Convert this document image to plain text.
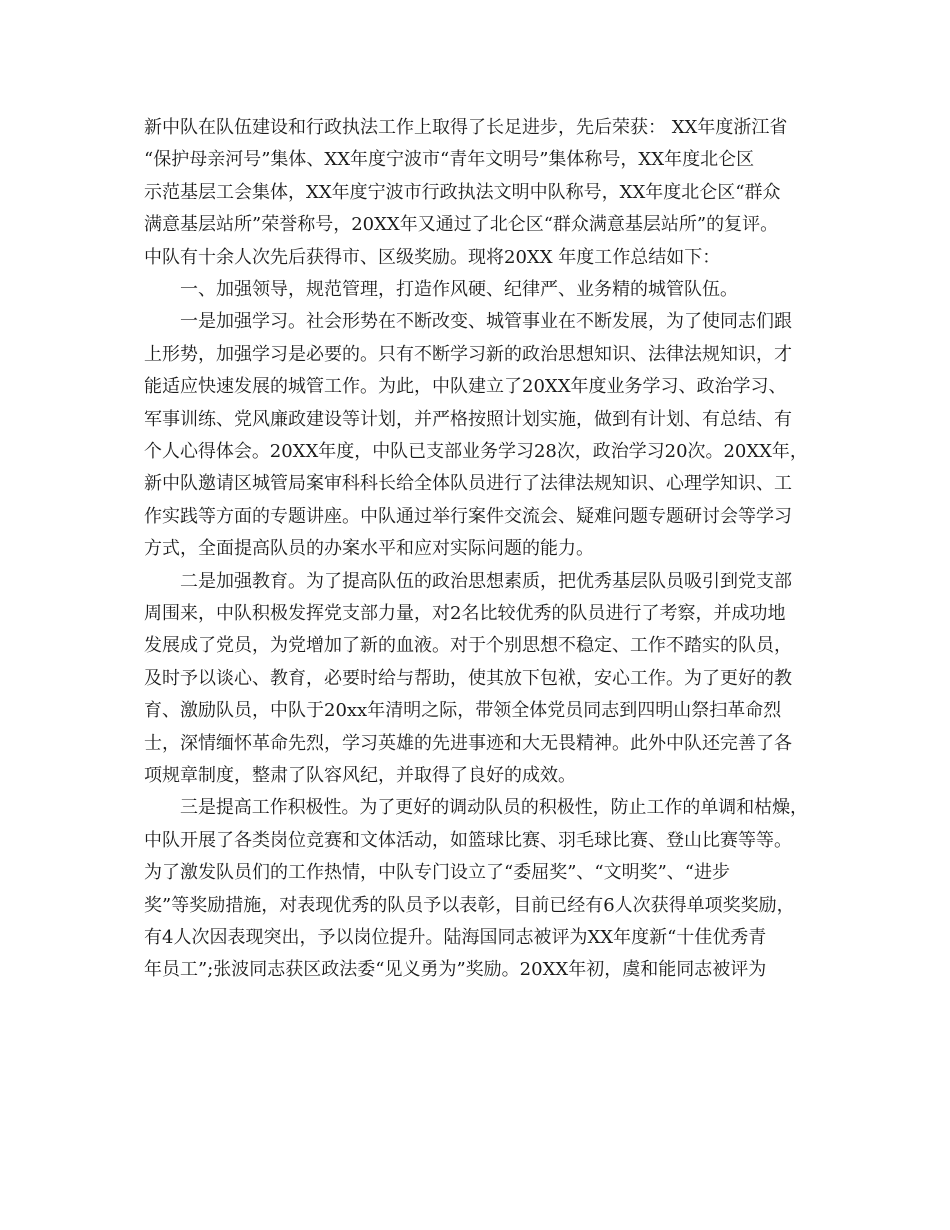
新中队在队伍建设和行政执法工作上取得了长足进步，先后荣获： XX年度浙江省
“保护母亲河号”集体、XX年度宁波市“青年文明号”集体称号，XX年度北仑区
示范基层工会集体，XX年度宁波市行政执法文明中队称号，XX年度北仑区“群众
满意基层站所”荣誉称号，20XX年又通过了北仑区“群众满意基层站所”的复评。
中队有十余人次先后获得市、区级奖励。现将20XX 年度工作总结如下：
一、加强领导，规范管理，打造作风硬、纪律严、业务精的城管队伍。
一是加强学习。社会形势在不断改变、城管事业在不断发展，为了使同志们跟
上形势，加强学习是必要的。只有不断学习新的政治思想知识、法律法规知识，才
能适应快速发展的城管工作。为此，中队建立了20XX年度业务学习、政治学习、
军事训练、党风廉政建设等计划，并严格按照计划实施，做到有计划、有总结、有
个人心得体会。20XX年度，中队已支部业务学习28次，政治学习20次。20XX年，
新中队邀请区城管局案审科科长给全体队员进行了法律法规知识、心理学知识、工
作实践等方面的专题讲座。中队通过举行案件交流会、疑难问题专题研讨会等学习
方式，全面提高队员的办案水平和应对实际问题的能力。
二是加强教育。为了提高队伍的政治思想素质，把优秀基层队员吸引到党支部
周围来，中队积极发挥党支部力量，对2名比较优秀的队员进行了考察，并成功地
发展成了党员，为党增加了新的血液。对于个别思想不稳定、工作不踏实的队员，
及时予以谈心、教育，必要时给与帮助，使其放下包袱，安心工作。为了更好的教
育、激励队员，中队于20xx年清明之际，带领全体党员同志到四明山祭扫革命烈
士，深情缅怀革命先烈，学习英雄的先进事迹和大无畏精神。此外中队还完善了各
项规章制度，整肃了队容风纪，并取得了良好的成效。
三是提高工作积极性。为了更好的调动队员的积极性，防止工作的单调和枯燥，
中队开展了各类岗位竞赛和文体活动，如篮球比赛、羽毛球比赛、登山比赛等等。
为了激发队员们的工作热情，中队专门设立了“委屈奖”、“文明奖”、“进步
奖”等奖励措施，对表现优秀的队员予以表彰，目前已经有6人次获得单项奖奖励，
有4人次因表现突出，予以岗位提升。陆海国同志被评为XX年度新“十佳优秀青
年员工”;张波同志获区政法委“见义勇为”奖励。20XX年初，虞和能同志被评为
